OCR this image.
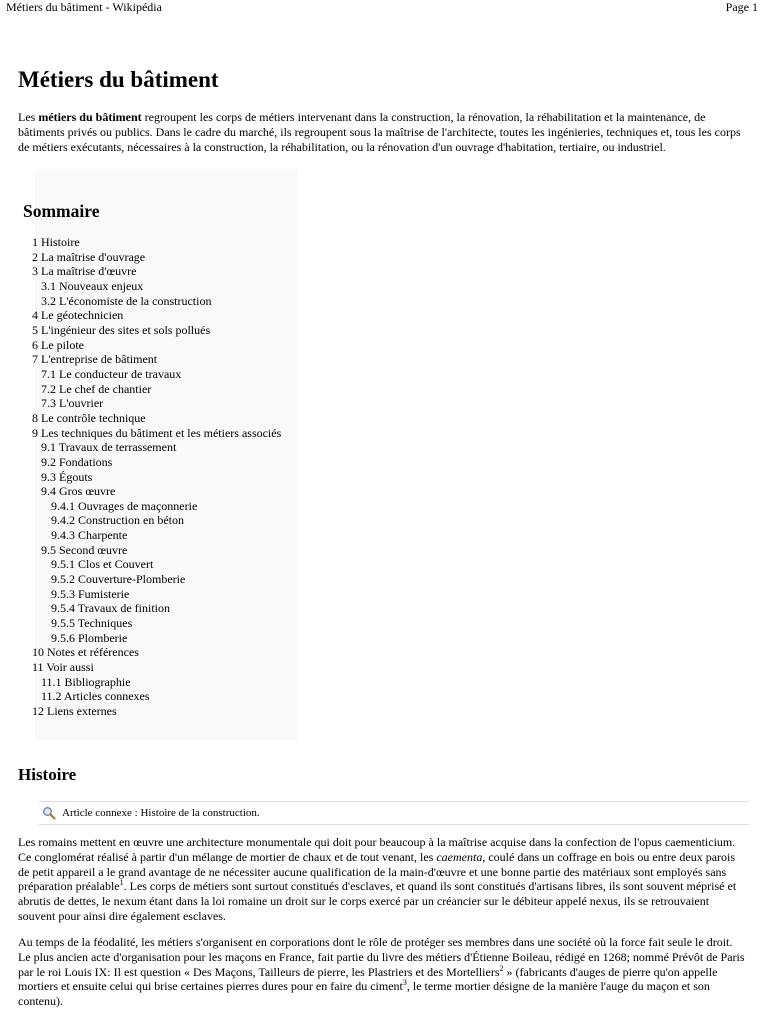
Métiers du bâtiment - Wikipédia	Page 1
Métiers du bâtiment

Les métiers du bâtiment regroupent les corps de métiers intervenant dans la construction, la rénovation, la réhabilitation et la maintenance, de bâtiments privés ou publics. Dans le cadre du marché, ils regroupent sous la maîtrise de l'architecte, toutes les ingénieries, techniques et, tous les corps de métiers exécutants, nécessaires à la construction, la réhabilitation, ou la rénovation d'un ouvrage d'habitation, tertiaire, ou industriel.

Sommaire
1 Histoire
2 La maîtrise d'ouvrage
3 La maîtrise d'œuvre
3.1 Nouveaux enjeux
3.2 L'économiste de la construction
4 Le géotechnicien
5 L'ingénieur des sites et sols pollués
6 Le pilote
7 L'entreprise de bâtiment
7.1 Le conducteur de travaux
7.2 Le chef de chantier
7.3 L'ouvrier
8 Le contrôle technique
9 Les techniques du bâtiment et les métiers associés
9.1 Travaux de terrassement
9.2 Fondations
9.3 Égouts
9.4 Gros œuvre
9.4.1 Ouvrages de maçonnerie
9.4.2 Construction en béton
9.4.3 Charpente
9.5 Second œuvre
9.5.1 Clos et Couvert
9.5.2 Couverture-Plomberie
9.5.3 Fumisterie
9.5.4 Travaux de finition
9.5.5 Techniques
9.5.6 Plomberie
10 Notes et références
11 Voir aussi
11.1 Bibliographie
11.2 Articles connexes
12 Liens externes
Histoire
Article connexe : Histoire de la construction.

Les romains mettent en œuvre une architecture monumentale qui doit pour beaucoup à la maîtrise acquise dans la confection de l'opus caementicium. Ce conglomérat réalisé à partir d'un mélange de mortier de chaux et de tout venant, les caementa, coulé dans un coffrage en bois ou entre deux parois de petit appareil a le grand avantage de ne nécessiter aucune qualification de la main-d'œuvre et une bonne partie des matériaux sont employés sans préparation préalable$^1$. Les corps de métiers sont surtout constitués d'esclaves, et quand ils sont constitués d'artisans libres, ils sont souvent méprisé et abrutis de dettes, le nexum étant dans la loi romaine un droit sur le corps exercé par un créancier sur le débiteur appelé nexus, ils se retrouvaient souvent pour ainsi dire également esclaves.

Au temps de la féodalité, les métiers s'organisent en corporations dont le rôle de protéger ses membres dans une société où la force fait seule le droit. Le plus ancien acte d'organisation pour les maçons en France, fait partie du livre des métiers d'Étienne Boileau, rédigé en 1268; nommé Prévôt de Paris par le roi Louis IX: Il est question « Des Maçons, Tailleurs de pierre, les Plastriers et des Mortelliers$^2$ » (fabricants d'auges de pierre qu'on appelle mortiers et ensuite celui qui brise certaines pierres dures pour en faire du ciment$^3$, le terme mortier désigne de la manière l'auge du maçon et son contenu).
